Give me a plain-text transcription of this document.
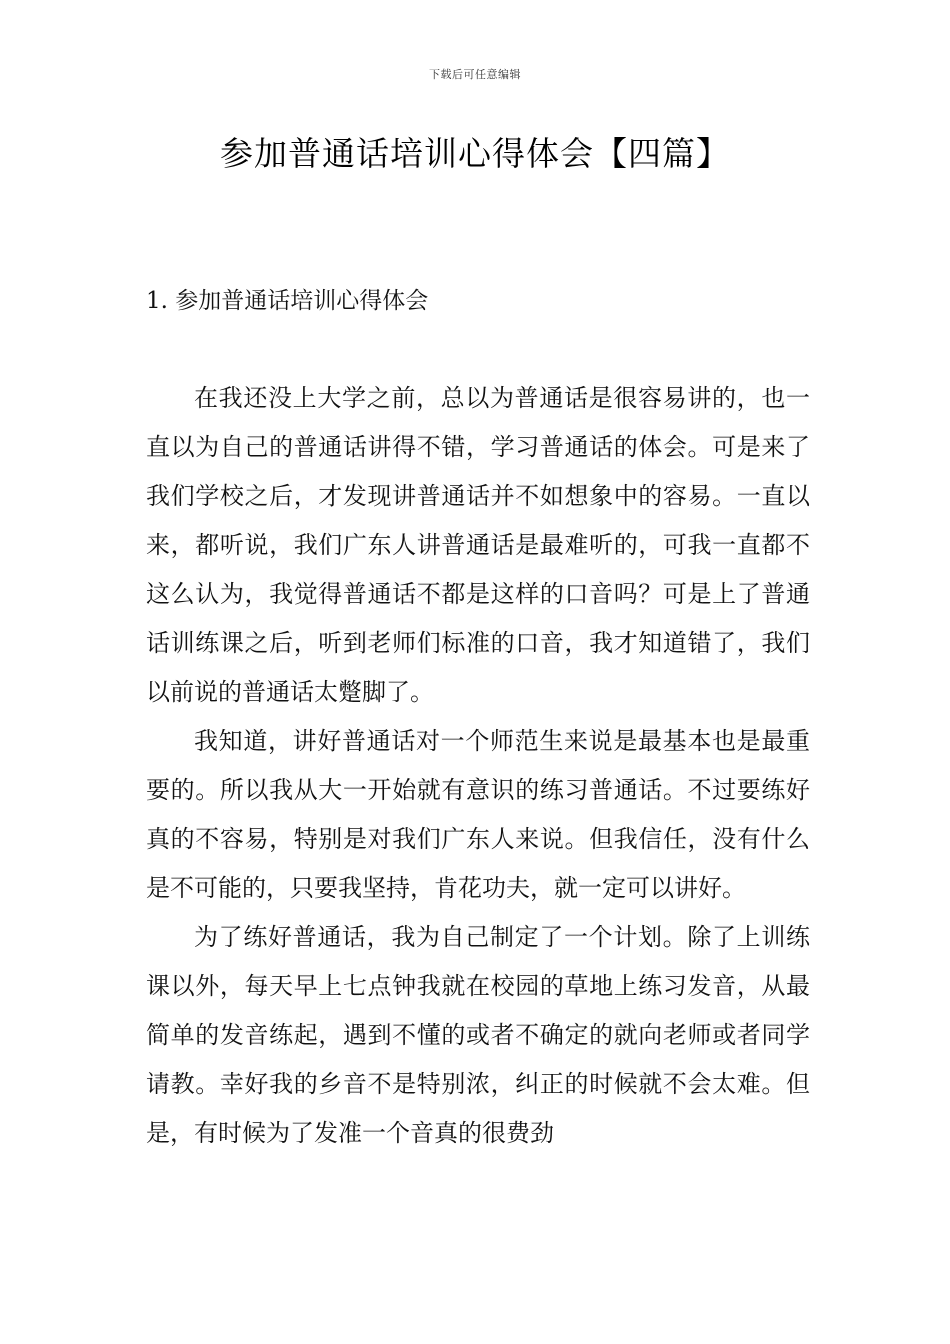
下载后可任意编辑
参加普通话培训心得体会【四篇】
1. 参加普通话培训心得体会

在我还没上大学之前，总以为普通话是很容易讲的，也一直以为自己的普通话讲得不错，学习普通话的体会。可是来了我们学校之后，才发现讲普通话并不如想象中的容易。一直以来，都听说，我们广东人讲普通话是最难听的，可我一直都不这么认为，我觉得普通话不都是这样的口音吗？可是上了普通话训练课之后，听到老师们标准的口音，我才知道错了，我们以前说的普通话太蹩脚了。

我知道，讲好普通话对一个师范生来说是最基本也是最重要的。所以我从大一开始就有意识的练习普通话。不过要练好真的不容易，特别是对我们广东人来说。但我信任，没有什么是不可能的，只要我坚持，肯花功夫，就一定可以讲好。

为了练好普通话，我为自己制定了一个计划。除了上训练课以外，每天早上七点钟我就在校园的草地上练习发音，从最简单的发音练起，遇到不懂的或者不确定的就向老师或者同学请教。幸好我的乡音不是特别浓，纠正的时候就不会太难。但是，有时候为了发准一个音真的很费劲
